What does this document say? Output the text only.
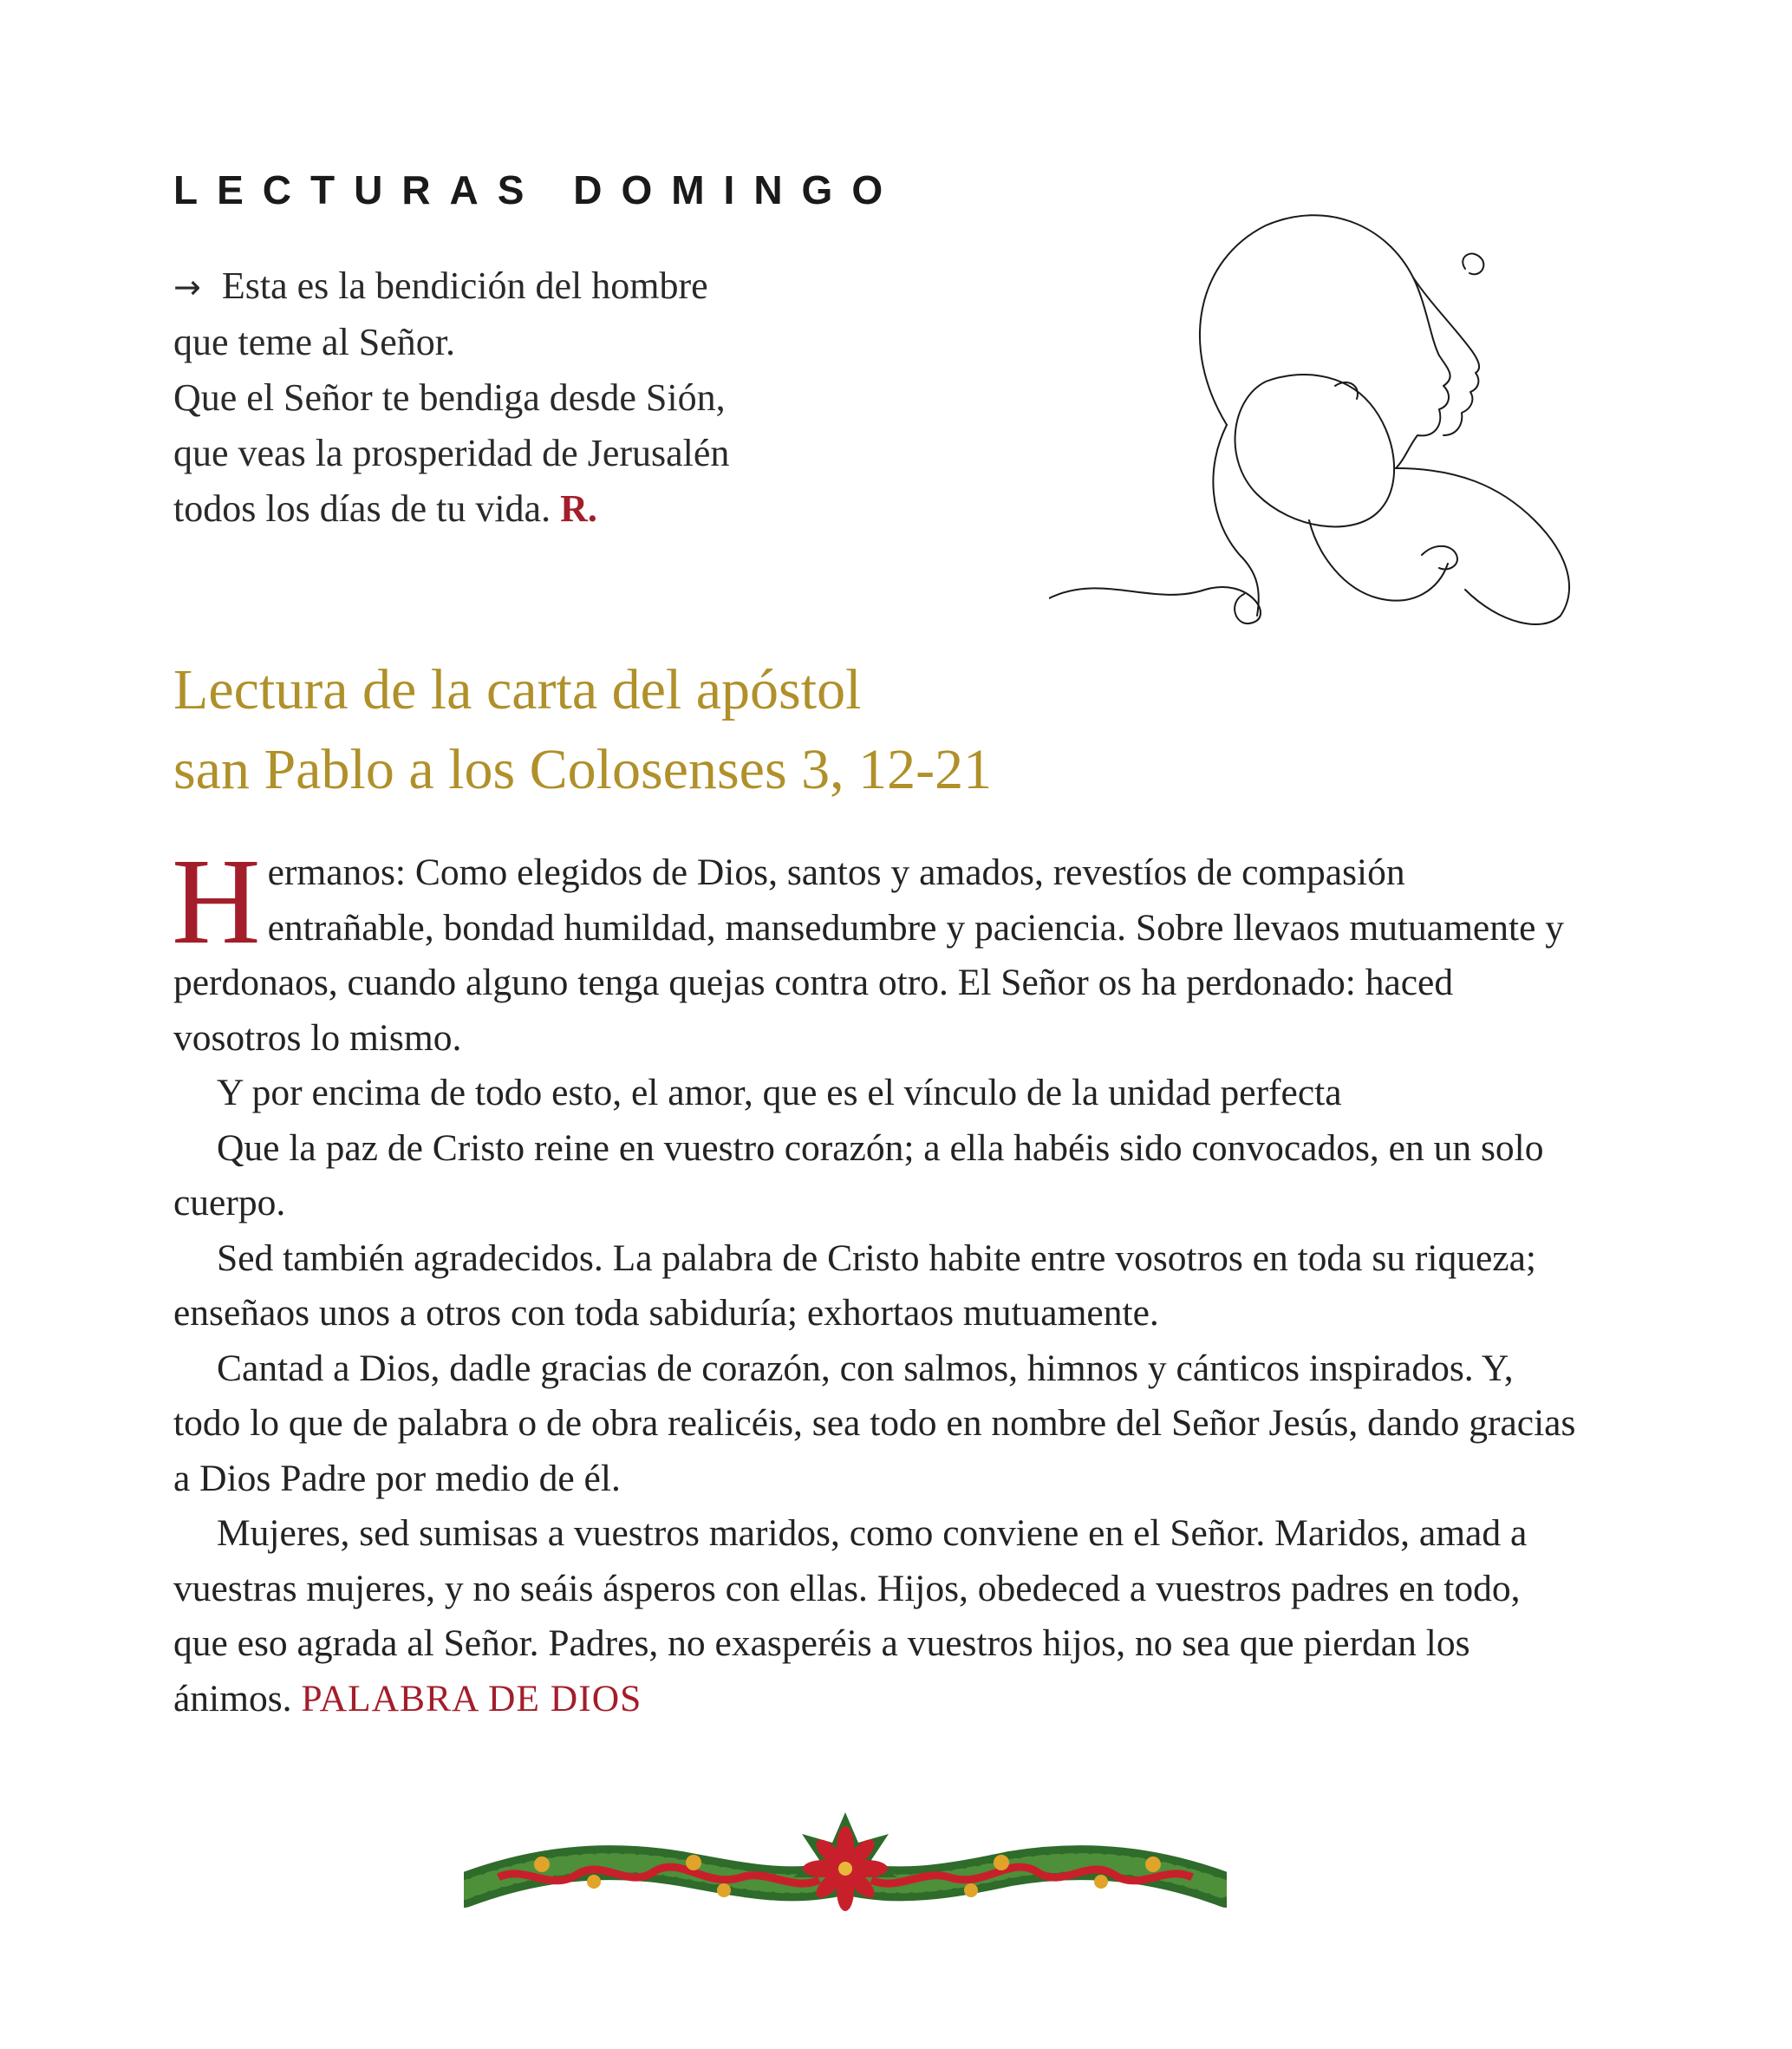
LECTURAS DOMINGO
→ Esta es la bendición del hombre
que teme al Señor.
Que el Señor te bendiga desde Sión,
que veas la prosperidad de Jerusalén
todos los días de tu vida. R.
Lectura de la carta del apóstol
san Pablo a los Colosenses 3, 12-21

Hermanos: Como elegidos de Dios, santos y amados, revestíos de compasión entrañable, bondad humildad, mansedumbre y paciencia. Sobre llevaos mutuamente y perdonaos, cuando alguno tenga quejas contra otro. El Señor os ha perdonado: haced vosotros lo mismo.

Y por encima de todo esto, el amor, que es el vínculo de la unidad perfecta

Que la paz de Cristo reine en vuestro corazón; a ella habéis sido convocados, en un solo cuerpo.

Sed también agradecidos. La palabra de Cristo habite entre vosotros en toda su riqueza; enseñaos unos a otros con toda sabiduría; exhortaos mutuamente.

Cantad a Dios, dadle gracias de corazón, con salmos, himnos y cánticos inspirados. Y, todo lo que de palabra o de obra realicéis, sea todo en nombre del Señor Jesús, dando gracias a Dios Padre por medio de él.

Mujeres, sed sumisas a vuestros maridos, como conviene en el Señor. Maridos, amad a vuestras mujeres, y no seáis ásperos con ellas. Hijos, obedeced a vuestros padres en todo, que eso agrada al Señor. Padres, no exasperéis a vuestros hijos, no sea que pierdan los ánimos. PALABRA DE DIOS
